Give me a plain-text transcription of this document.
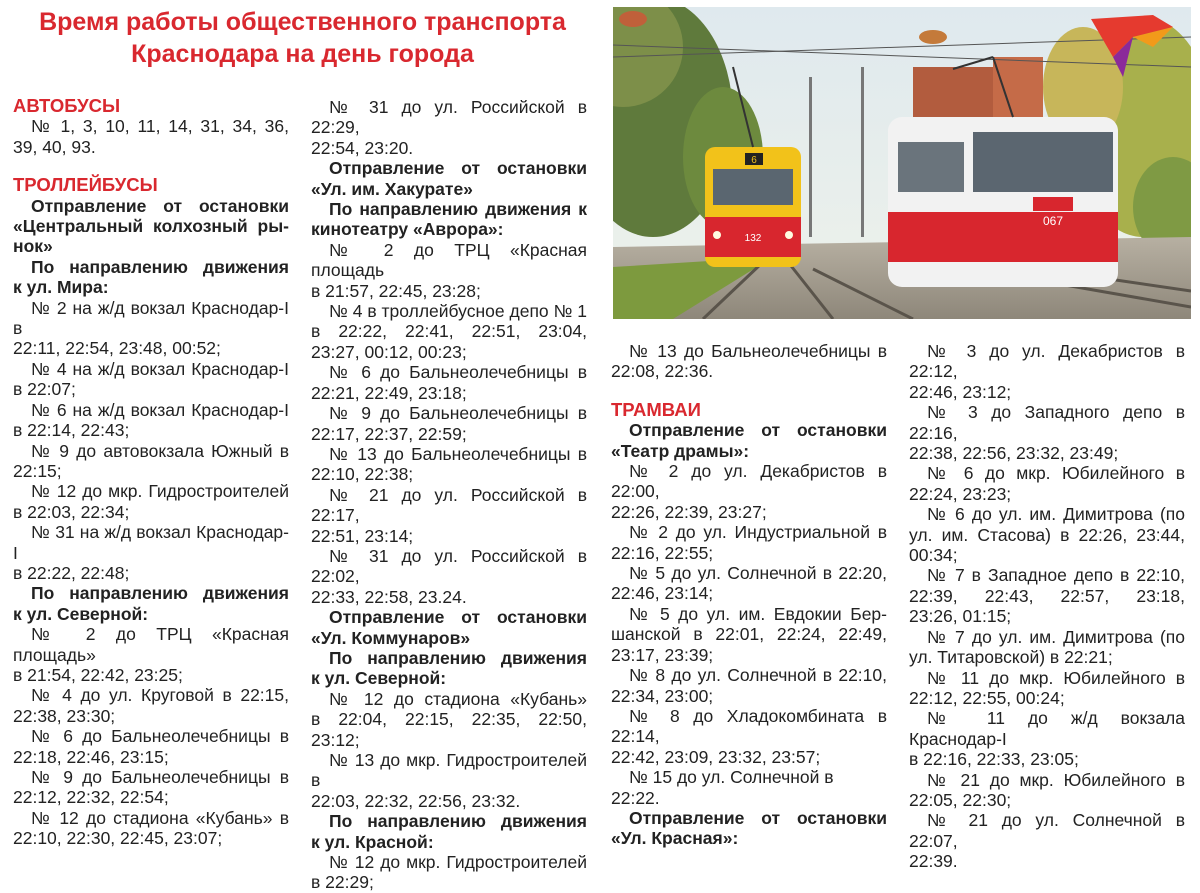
Время работы общественного транспорта
Краснодара на день города
6
132
067

АВТОБУСЫ

№ 1, 3, 10, 11, 14, 31, 34, 36,

39, 40, 93.

ТРОЛЛЕЙБУСЫ

Отправление от остановки

«Центральный колхозный ры-

нок»

По направлению движения

к ул. Мира:

№ 2 на ж/д вокзал Краснодар-I в

22:11, 22:54, 23:48, 00:52;

№ 4 на ж/д вокзал Краснодар-I

в 22:07;

№ 6 на ж/д вокзал Краснодар-I

в 22:14, 22:43;

№ 9 до автовокзала Южный в

22:15;

№ 12 до мкр. Гидростроителей

в 22:03, 22:34;

№ 31 на ж/д вокзал Краснодар-I

в 22:22, 22:48;

По направлению движения

к ул. Северной:

№ 2 до ТРЦ «Красная площадь»

в 21:54, 22:42, 23:25;

№ 4 до ул. Круговой в 22:15,

22:38, 23:30;

№ 6 до Бальнеолечебницы в

22:18, 22:46, 23:15;

№ 9 до Бальнеолечебницы в

22:12, 22:32, 22:54;

№ 12 до стадиона «Кубань» в

22:10, 22:30, 22:45, 23:07;

№ 31 до ул. Российской в 22:29,

22:54, 23:20.

Отправление от остановки

«Ул. им. Хакурате»

По направлению движения к

кинотеатру «Аврора»:

№ 2 до ТРЦ «Красная площадь

в 21:57, 22:45, 23:28;

№ 4 в троллейбусное депо № 1

в 22:22, 22:41, 22:51, 23:04,

23:27, 00:12, 00:23;

№ 6 до Бальнеолечебницы в

22:21, 22:49, 23:18;

№ 9 до Бальнеолечебницы в

22:17, 22:37, 22:59;

№ 13 до Бальнеолечебницы в

22:10, 22:38;

№ 21 до ул. Российской в 22:17,

22:51, 23:14;

№ 31 до ул. Российской в 22:02,

22:33, 22:58, 23.24.

Отправление от остановки

«Ул. Коммунаров»

По направлению движения

к ул. Северной:

№ 12 до стадиона «Кубань»

в 22:04, 22:15, 22:35, 22:50,

23:12;

№ 13 до мкр. Гидростроителей в

22:03, 22:32, 22:56, 23:32.

По направлению движения

к ул. Красной:

№ 12 до мкр. Гидростроителей

в 22:29;

№ 13 до Бальнеолечебницы в

22:08, 22:36.

ТРАМВАИ

Отправление от остановки

«Театр драмы»:

№ 2 до ул. Декабристов в 22:00,

22:26, 22:39, 23:27;

№ 2 до ул. Индустриальной в

22:16, 22:55;

№ 5 до ул. Солнечной в 22:20,

22:46, 23:14;

№ 5 до ул. им. Евдокии Бер-

шанской в 22:01, 22:24, 22:49,

23:17, 23:39;

№ 8 до ул. Солнечной в 22:10,

22:34, 23:00;

№ 8 до Хладокомбината в 22:14,

22:42, 23:09, 23:32, 23:57;

№ 15 до ул. Солнечной в 22:22.

Отправление от остановки

«Ул. Красная»:

№ 3 до ул. Декабристов в 22:12,

22:46, 23:12;

№ 3 до Западного депо в 22:16,

22:38, 22:56, 23:32, 23:49;

№ 6 до мкр. Юбилейного в

22:24, 23:23;

№ 6 до ул. им. Димитрова (по

ул. им. Стасова) в 22:26, 23:44,

00:34;

№ 7 в Западное депо в 22:10,

22:39, 22:43, 22:57, 23:18,

23:26, 01:15;

№ 7 до ул. им. Димитрова (по

ул. Титаровской) в 22:21;

№ 11 до мкр. Юбилейного в

22:12, 22:55, 00:24;

№ 11 до ж/д вокзала Краснодар-I

в 22:16, 22:33, 23:05;

№ 21 до мкр. Юбилейного в

22:05, 22:30;

№ 21 до ул. Солнечной в 22:07,

22:39.
